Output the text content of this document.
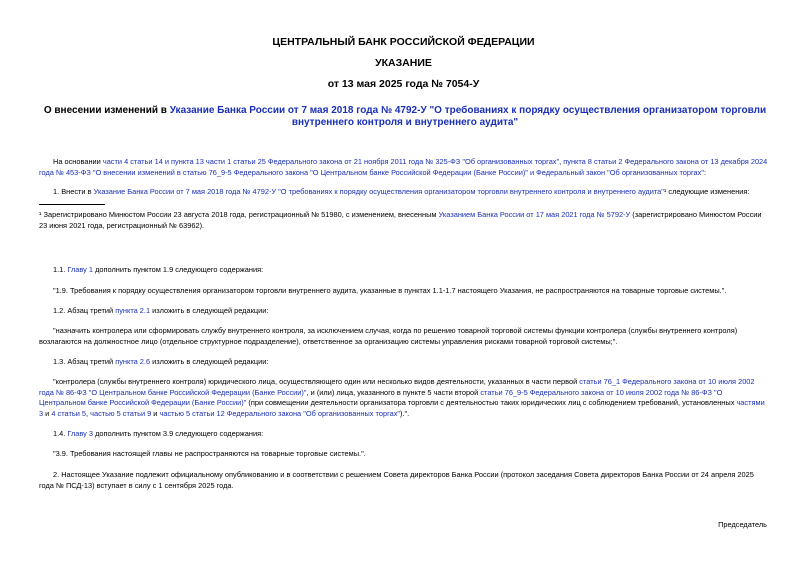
ЦЕНТРАЛЬНЫЙ БАНК РОССИЙСКОЙ ФЕДЕРАЦИИ
УКАЗАНИЕ
от 13 мая 2025 года № 7054-У
О внесении изменений в Указание Банка России от 7 мая 2018 года № 4792-У "О требованиях к порядку осуществления организатором торговли внутреннего контроля и внутреннего аудита"
На основании части 4 статьи 14 и пункта 13 части 1 статьи 25 Федерального закона от 21 ноября 2011 года № 325-ФЗ "Об организованных торгах", пункта 8 статьи 2 Федерального закона от 13 декабря 2024 года № 453-ФЗ "О внесении изменений в статью 76_9-5 Федерального закона "О Центральном банке Российской Федерации (Банке России)" и Федеральный закон "Об организованных торгах":
1. Внести в Указание Банка России от 7 мая 2018 года № 4792-У "О требованиях к порядку осуществления организатором торговли внутреннего контроля и внутреннего аудита"¹ следующие изменения:
¹ Зарегистрировано Минюстом России 23 августа 2018 года, регистрационный № 51980, с изменением, внесенным Указанием Банка России от 17 мая 2021 года № 5792-У (зарегистрировано Минюстом России 23 июня 2021 года, регистрационный № 63962).
1.1. Главу 1 дополнить пунктом 1.9 следующего содержания:
"1.9. Требования к порядку осуществления организатором торговли внутреннего аудита, указанные в пунктах 1.1-1.7 настоящего Указания, не распространяются на товарные торговые системы.".
1.2. Абзац третий пункта 2.1 изложить в следующей редакции:
"назначить контролера или сформировать службу внутреннего контроля, за исключением случая, когда по решению товарной торговой системы функции контролера (службы внутреннего контроля) возлагаются на должностное лицо (отдельное структурное подразделение), ответственное за организацию системы управления рисками товарной торговой системы;".
1.3. Абзац третий пункта 2.6 изложить в следующей редакции:
"контролера (службы внутреннего контроля) юридического лица, осуществляющего один или несколько видов деятельности, указанных в части первой статьи 76_1 Федерального закона от 10 июля 2002 года № 86-ФЗ "О Центральном банке Российской Федерации (Банке России)", и (или) лица, указанного в пункте 5 части второй статьи 76_9-5 Федерального закона от 10 июля 2002 года № 86-ФЗ "О Центральном банке Российской Федерации (Банке России)" (при совмещении деятельности организатора торговли с деятельностью таких юридических лиц с соблюдением требований, установленных частями 3 и 4 статьи 5, частью 5 статьи 9 и частью 5 статьи 12 Федерального закона "Об организованных торгах").".
1.4. Главу 3 дополнить пунктом 3.9 следующего содержания:
"3.9. Требования настоящей главы не распространяются на товарные торговые системы.".
2. Настоящее Указание подлежит официальному опубликованию и в соответствии с решением Совета директоров Банка России (протокол заседания Совета директоров Банка России от 24 апреля 2025 года № ПСД-13) вступает в силу с 1 сентября 2025 года.
Председатель
